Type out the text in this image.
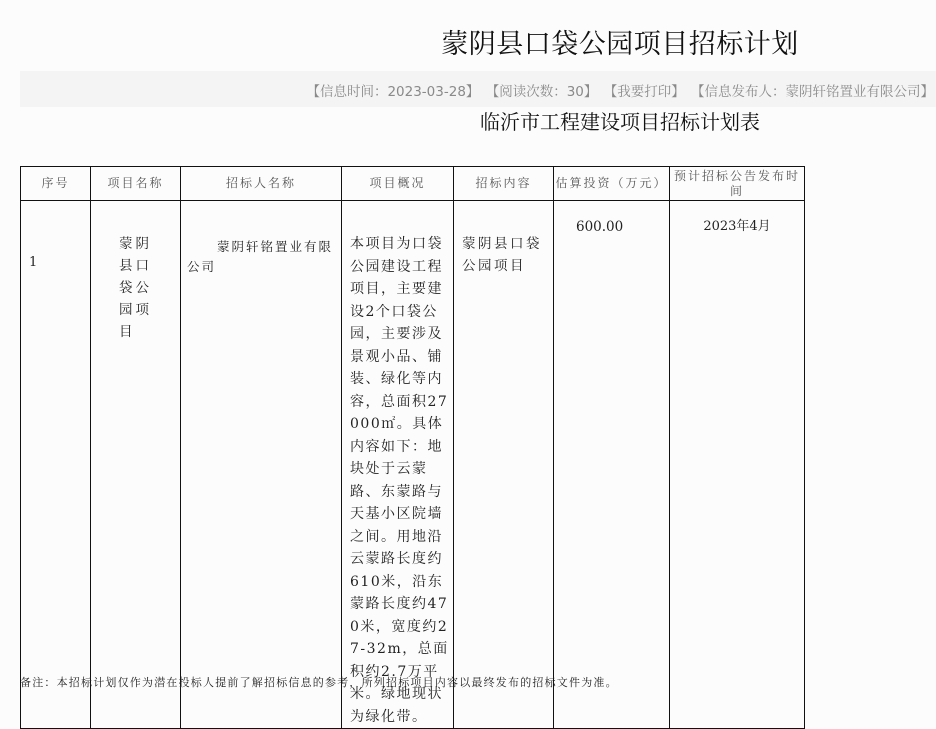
蒙阴县口袋公园项目招标计划
【信息时间：2023-03-28】 【阅读次数：30】 【我要打印】 【信息发布人：蒙阴轩铭置业有限公司】
临沂市工程建设项目招标计划表
序号	项目名称	招标人名称	项目概况	招标内容	估算投资（万元）	预计招标公告发布时间

1	蒙阴县口袋公园项目	蒙阴轩铭置业有限公司	本项目为口袋公园建设工程项目，主要建设2个口袋公园，主要涉及景观小品、铺装、绿化等内容，总面积27000㎡。具体内容如下：地块处于云蒙路、东蒙路与天基小区院墙之间。用地沿云蒙路长度约610米，沿东蒙路长度约470米，宽度约27-32m，总面积约2.7万平米。绿地现状为绿化带。	蒙阴县口袋公园项目	600.00	2023年4月
备注：本招标计划仅作为潜在投标人提前了解招标信息的参考，所列招标项目内容以最终发布的招标文件为准。
